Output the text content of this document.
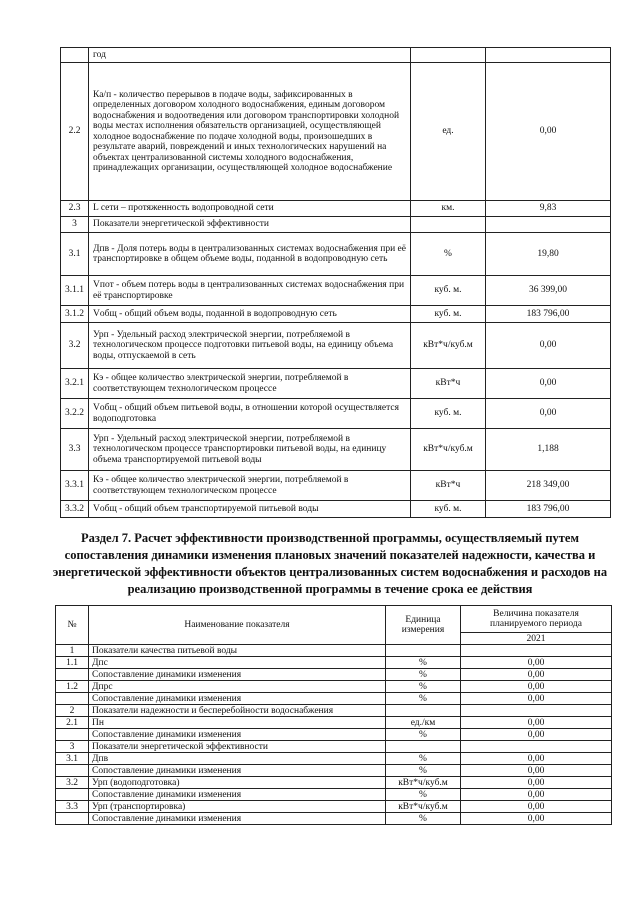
	год		
2.2	Ка/п - количество перерывов в подаче воды, зафиксированных в определенных договором холодного водоснабжения, единым договором водоснабжения и водоотведения или договором транспортировки холодной воды местах исполнения обязательств организацией, осуществляющей холодное водоснабжение по подаче холодной воды, произошедших в результате аварий, повреждений и иных технологических нарушений на объектах централизованной системы холодного водоснабжения, принадлежащих организации, осуществляющей холодное водоснабжение	ед.	0,00
2.3	L сети – протяженность водопроводной сети	км.	9,83
3	Показатели энергетической эффективности		
3.1	Дпв - Доля потерь воды в централизованных системах водоснабжения при её транспортировке в общем объеме воды, поданной в водопроводную сеть	%	19,80
3.1.1	Vпот - объем потерь воды в централизованных системах водоснабжения при её транспортировке	куб. м.	36 399,00
3.1.2	Vобщ - общий объем воды, поданной в водопроводную сеть	куб. м.	183 796,00
3.2	Урп - Удельный расход электрической энергии, потребляемой в технологическом процессе подготовки питьевой воды, на единицу объема воды, отпускаемой в сеть	кВт*ч/куб.м	0,00
3.2.1	Кэ - общее количество электрической энергии, потребляемой в соответствующем технологическом процессе	кВт*ч	0,00
3.2.2	Vобщ - общий объем питьевой воды, в отношении которой осуществляется водоподготовка	куб. м.	0,00
3.3	Урп - Удельный расход электрической энергии, потребляемой в технологическом процессе транспортировки питьевой воды, на единицу объема транспортируемой питьевой воды	кВт*ч/куб.м	1,188
3.3.1	Кэ - общее количество электрической энергии, потребляемой в соответствующем технологическом процессе	кВт*ч	218 349,00
3.3.2	Vобщ - общий объем транспортируемой питьевой воды	куб. м.	183 796,00
Раздел 7. Расчет эффективности производственной программы, осуществляемый путем сопоставления динамики изменения плановых значений показателей надежности, качества и энергетической эффективности объектов централизованных систем водоснабжения и расходов на реализацию производственной программы в течение срока ее действия
№	Наименование показателя	Единица измерения	Величина показателя планируемого периода
			2021
1	Показатели качества питьевой воды		
1.1	Дпс	%	0,00
	Сопоставление динамики изменения	%	0,00
1.2	Дпрс	%	0,00
	Сопоставление динамики изменения	%	0,00
2	Показатели надежности и бесперебойности водоснабжения		
2.1	Пн	ед./км	0,00
	Сопоставление динамики изменения	%	0,00
3	Показатели энергетической эффективности		
3.1	Дпв	%	0,00
	Сопоставление динамики изменения	%	0,00
3.2	Урп (водоподготовка)	кВт*ч/куб.м	0,00
	Сопоставление динамики изменения	%	0,00
3.3	Урп (транспортировка)	кВт*ч/куб.м	0,00
	Сопоставление динамики изменения	%	0,00
